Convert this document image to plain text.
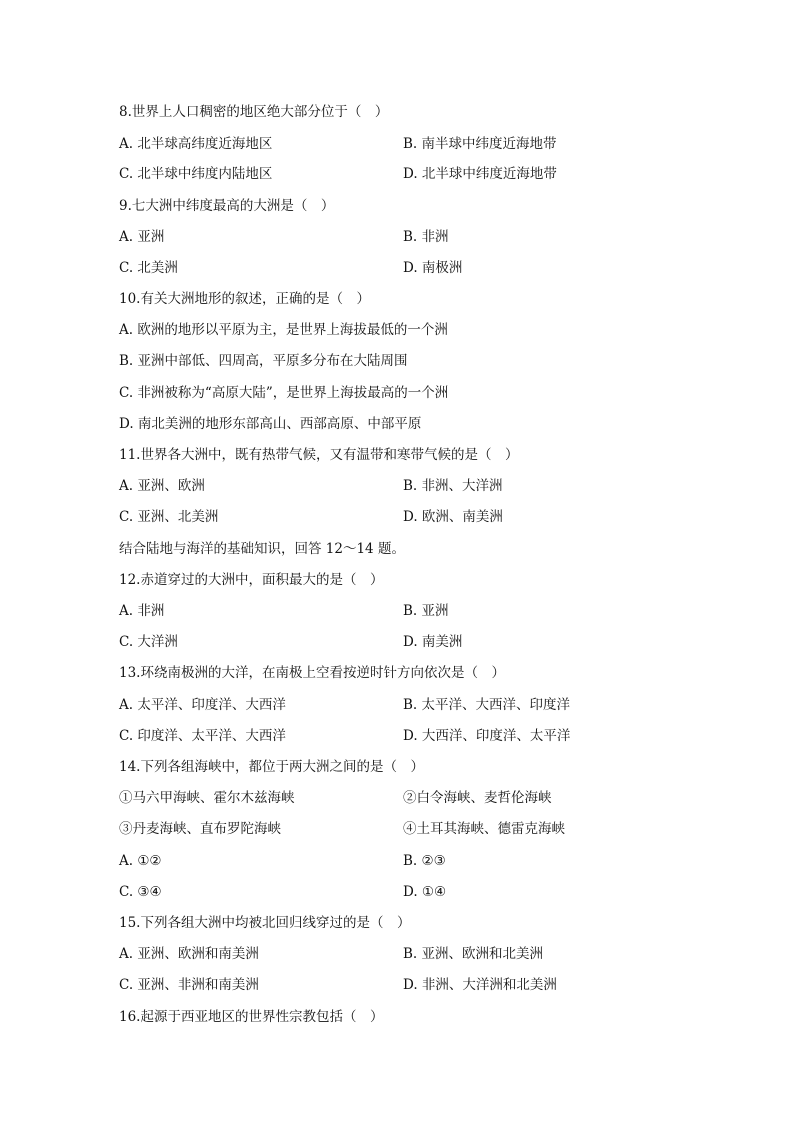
8.世界上人口稠密的地区绝大部分位于（　）
A. 北半球高纬度近海地区	B. 南半球中纬度近海地带
C. 北半球中纬度内陆地区	D. 北半球中纬度近海地带
9.七大洲中纬度最高的大洲是（　）
A. 亚洲	B. 非洲
C. 北美洲	D. 南极洲
10.有关大洲地形的叙述，正确的是（　）
A. 欧洲的地形以平原为主，是世界上海拔最低的一个洲
B. 亚洲中部低、四周高，平原多分布在大陆周围
C. 非洲被称为“高原大陆”，是世界上海拔最高的一个洲
D. 南北美洲的地形东部高山、西部高原、中部平原
11.世界各大洲中，既有热带气候，又有温带和寒带气候的是（　）
A. 亚洲、欧洲	B. 非洲、大洋洲
C. 亚洲、北美洲	D. 欧洲、南美洲
结合陆地与海洋的基础知识，回答 12～14 题。
12.赤道穿过的大洲中，面积最大的是（　）
A. 非洲	B. 亚洲
C. 大洋洲	D. 南美洲
13.环绕南极洲的大洋，在南极上空看按逆时针方向依次是（　）
A. 太平洋、印度洋、大西洋	B. 太平洋、大西洋、印度洋
C. 印度洋、太平洋、大西洋	D. 大西洋、印度洋、太平洋
14.下列各组海峡中，都位于两大洲之间的是（　）
①马六甲海峡、霍尔木兹海峡	②白令海峡、麦哲伦海峡
③丹麦海峡、直布罗陀海峡	④土耳其海峡、德雷克海峡
A. ①②	B. ②③
C. ③④	D. ①④
15.下列各组大洲中均被北回归线穿过的是（　）
A. 亚洲、欧洲和南美洲	B. 亚洲、欧洲和北美洲
C. 亚洲、非洲和南美洲	D. 非洲、大洋洲和北美洲
16.起源于西亚地区的世界性宗教包括（　）
